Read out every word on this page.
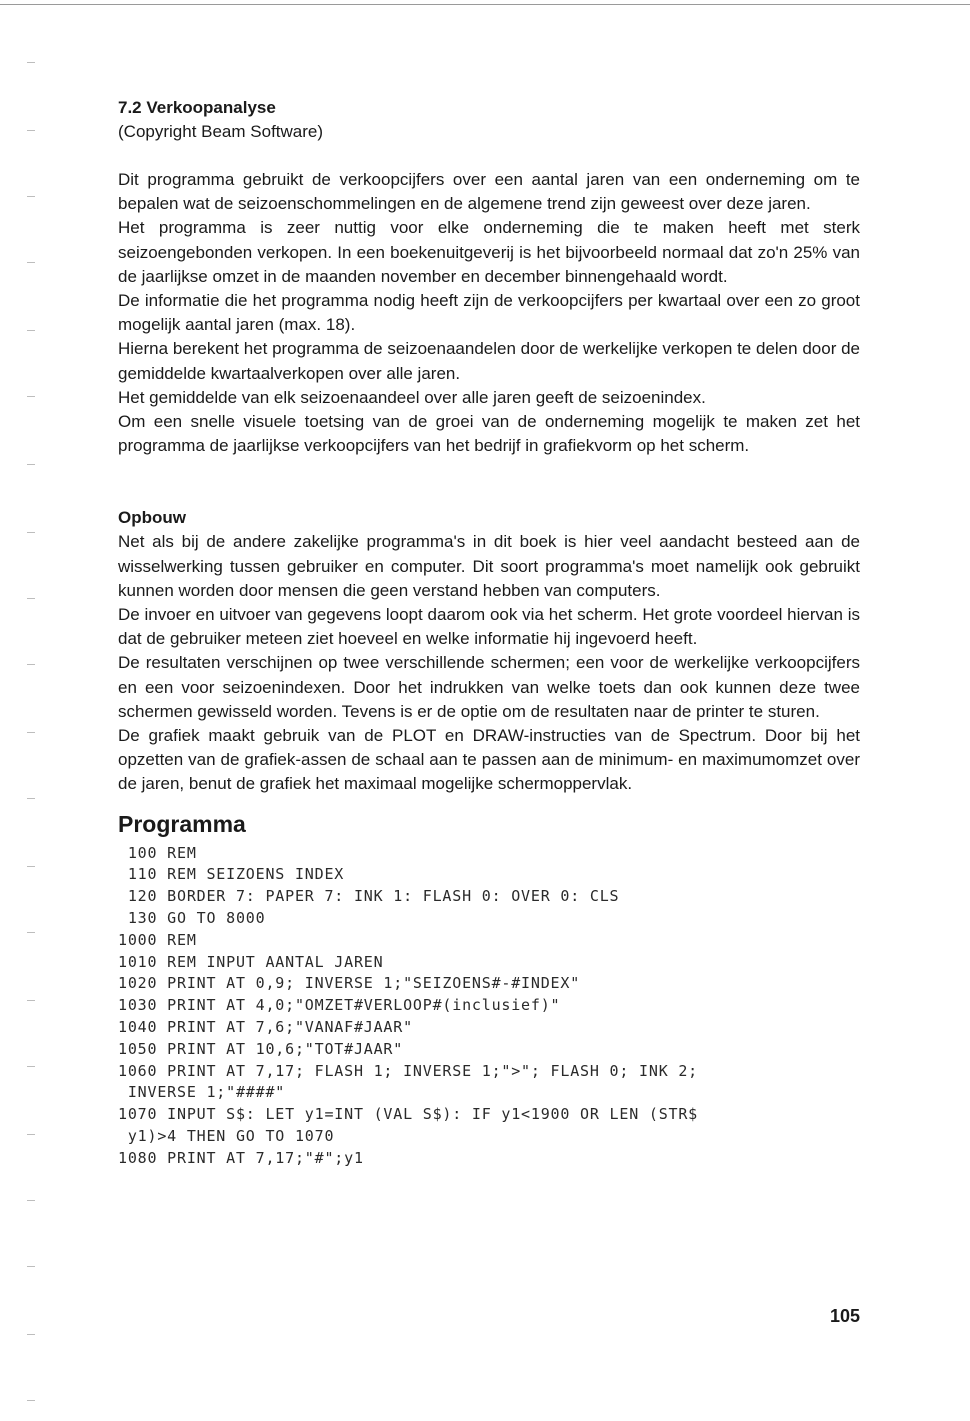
7.2 Verkoopanalyse

(Copyright Beam Software)

Dit programma gebruikt de verkoopcijfers over een aantal jaren van een onderneming om te bepalen wat de seizoenschommelingen en de algemene trend zijn geweest over deze jaren.

Het programma is zeer nuttig voor elke onderneming die te maken heeft met sterk seizoengebonden verkopen. In een boekenuitgeverij is het bijvoorbeeld normaal dat zo'n 25% van de jaarlijkse omzet in de maanden november en december binnengehaald wordt.

De informatie die het programma nodig heeft zijn de verkoopcijfers per kwartaal over een zo groot mogelijk aantal jaren (max. 18).

Hierna berekent het programma de seizoenaandelen door de werkelijke verkopen te delen door de gemiddelde kwartaalverkopen over alle jaren.

Het gemiddelde van elk seizoenaandeel over alle jaren geeft de seizoenindex.

Om een snelle visuele toetsing van de groei van de onderneming mogelijk te maken zet het programma de jaarlijkse verkoopcijfers van het bedrijf in grafiekvorm op het scherm.

Opbouw

Net als bij de andere zakelijke programma's in dit boek is hier veel aandacht besteed aan de wisselwerking tussen gebruiker en computer. Dit soort programma's moet namelijk ook gebruikt kunnen worden door mensen die geen verstand hebben van computers.

De invoer en uitvoer van gegevens loopt daarom ook via het scherm. Het grote voordeel hiervan is dat de gebruiker meteen ziet hoeveel en welke informatie hij ingevoerd heeft.

De resultaten verschijnen op twee verschillende schermen; een voor de werkelijke verkoopcijfers en een voor seizoenindexen. Door het indrukken van welke toets dan ook kunnen deze twee schermen gewisseld worden. Tevens is er de optie om de resultaten naar de printer te sturen.

De grafiek maakt gebruik van de PLOT en DRAW-instructies van de Spectrum. Door bij het opzetten van de grafiek-assen de schaal aan te passen aan de minimum- en maximumomzet over de jaren, benut de grafiek het maximaal mogelijke schermoppervlak.

Programma
100 REM
110 REM SEIZOENS INDEX
120 BORDER 7: PAPER 7: INK 1: FLASH 0: OVER 0: CLS
130 GO TO 8000
1000 REM
1010 REM INPUT AANTAL JAREN
1020 PRINT AT 0,9; INVERSE 1;"SEIZOENS#-#INDEX"
1030 PRINT AT 4,0;"OMZET#VERLOOP#(inclusief)"
1040 PRINT AT 7,6;"VANAF#JAAR"
1050 PRINT AT 10,6;"TOT#JAAR"
1060 PRINT AT 7,17; FLASH 1; INVERSE 1;">"; FLASH 0; INK 2;
INVERSE 1;"####"
1070 INPUT S$: LET y1=INT (VAL S$): IF y1<1900 OR LEN (STR$
y1)>4 THEN GO TO 1070
1080 PRINT AT 7,17;"#";y1
105
